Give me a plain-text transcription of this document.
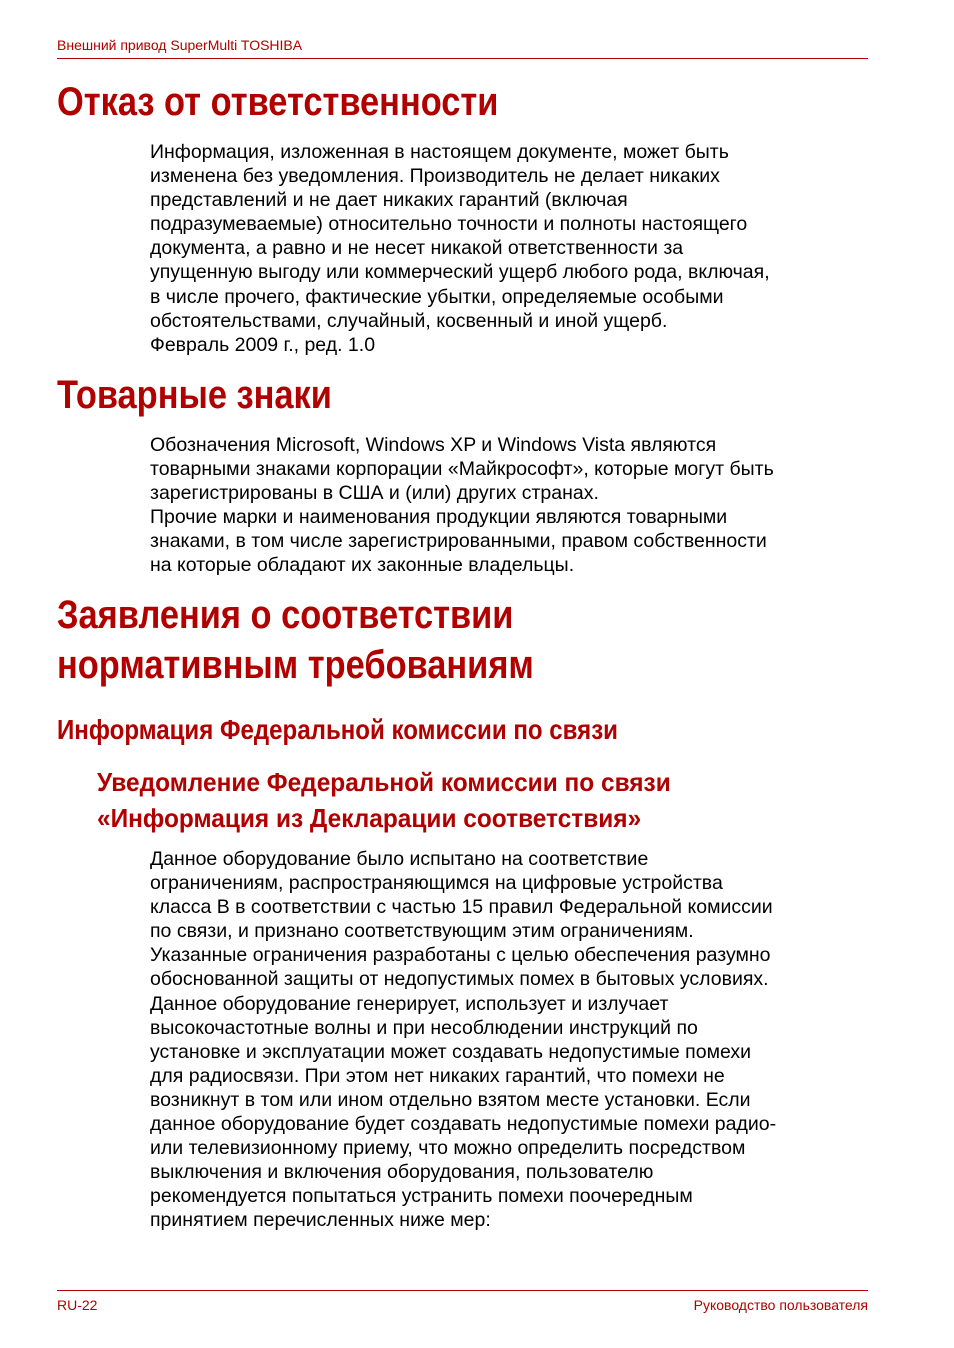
Внешний привод SuperMulti TOSHIBA
Отказ от ответственности
Информация, изложенная в настоящем документе, может быть
изменена без уведомления. Производитель не делает никаких
представлений и не дает никаких гарантий (включая
подразумеваемые) относительно точности и полноты настоящего
документа, а равно и не несет никакой ответственности за
упущенную выгоду или коммерческий ущерб любого рода, включая,
в числе прочего, фактические убытки, определяемые особыми
обстоятельствами, случайный, косвенный и иной ущерб.
Февраль 2009 г., ред. 1.0
Товарные знаки
Обозначения Microsoft, Windows XP и Windows Vista являются
товарными знаками корпорации «Майкрософт», которые могут быть
зарегистрированы в США и (или) других странах.
Прочие марки и наименования продукции являются товарными
знаками, в том числе зарегистрированными, правом собственности
на которые обладают их законные владельцы.
Заявления о соответствии
нормативным требованиям
Информация Федеральной комиссии по связи
Уведомление Федеральной комиссии по связи
«Информация из Декларации соответствия»
Данное оборудование было испытано на соответствие
ограничениям, распространяющимся на цифровые устройства
класса B в соответствии с частью 15 правил Федеральной комиссии
по связи, и признано соответствующим этим ограничениям.
Указанные ограничения разработаны с целью обеспечения разумно
обоснованной защиты от недопустимых помех в бытовых условиях.
Данное оборудование генерирует, использует и излучает
высокочастотные волны и при несоблюдении инструкций по
установке и эксплуатации может создавать недопустимые помехи
для радиосвязи. При этом нет никаких гарантий, что помехи не
возникнут в том или ином отдельно взятом месте установки. Если
данное оборудование будет создавать недопустимые помехи радио-
или телевизионному приему, что можно определить посредством
выключения и включения оборудования, пользователю
рекомендуется попытаться устранить помехи поочередным
принятием перечисленных ниже мер:
RU-22	Руководство пользователя
